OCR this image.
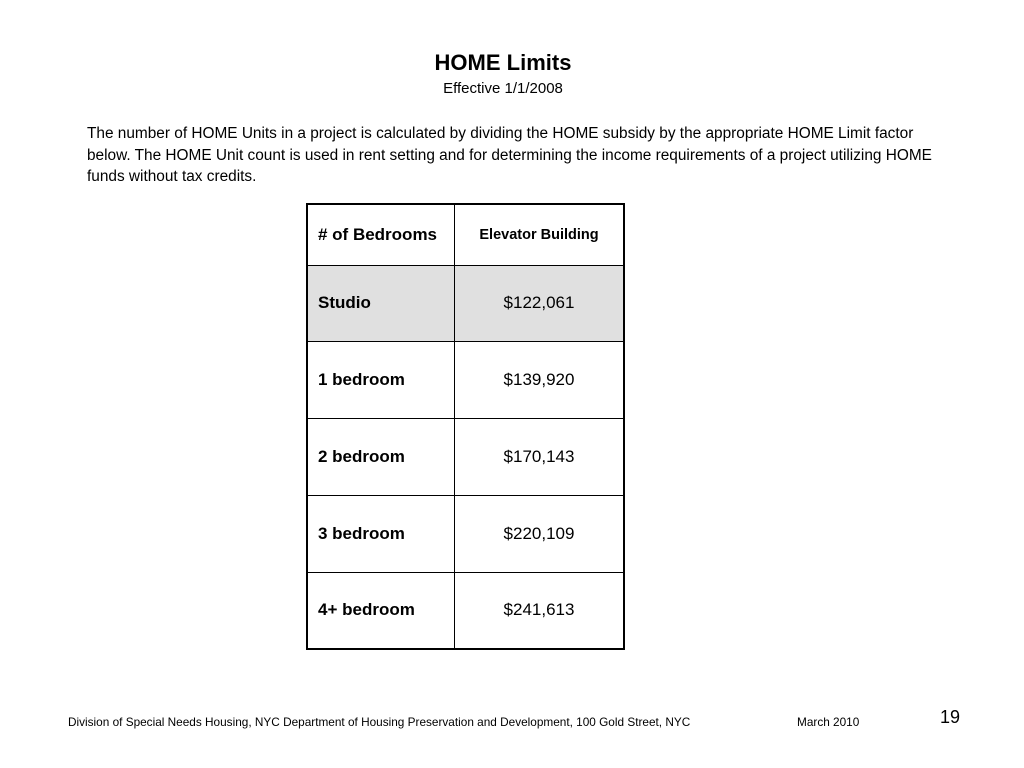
HOME Limits
Effective 1/1/2008

The number of HOME Units in a project is calculated by dividing the HOME subsidy by the appropriate HOME Limit factor below. The HOME Unit count is used in rent setting and for determining the income requirements of a project utilizing HOME funds without tax credits.

# of Bedrooms	Elevator Building
Studio	$122,061
1 bedroom	$139,920
2 bedroom	$170,143
3 bedroom	$220,109
4+ bedroom	$241,613
Division of Special Needs Housing, NYC Department of Housing Preservation and Development, 100 Gold Street, NYC	March 2010	19
